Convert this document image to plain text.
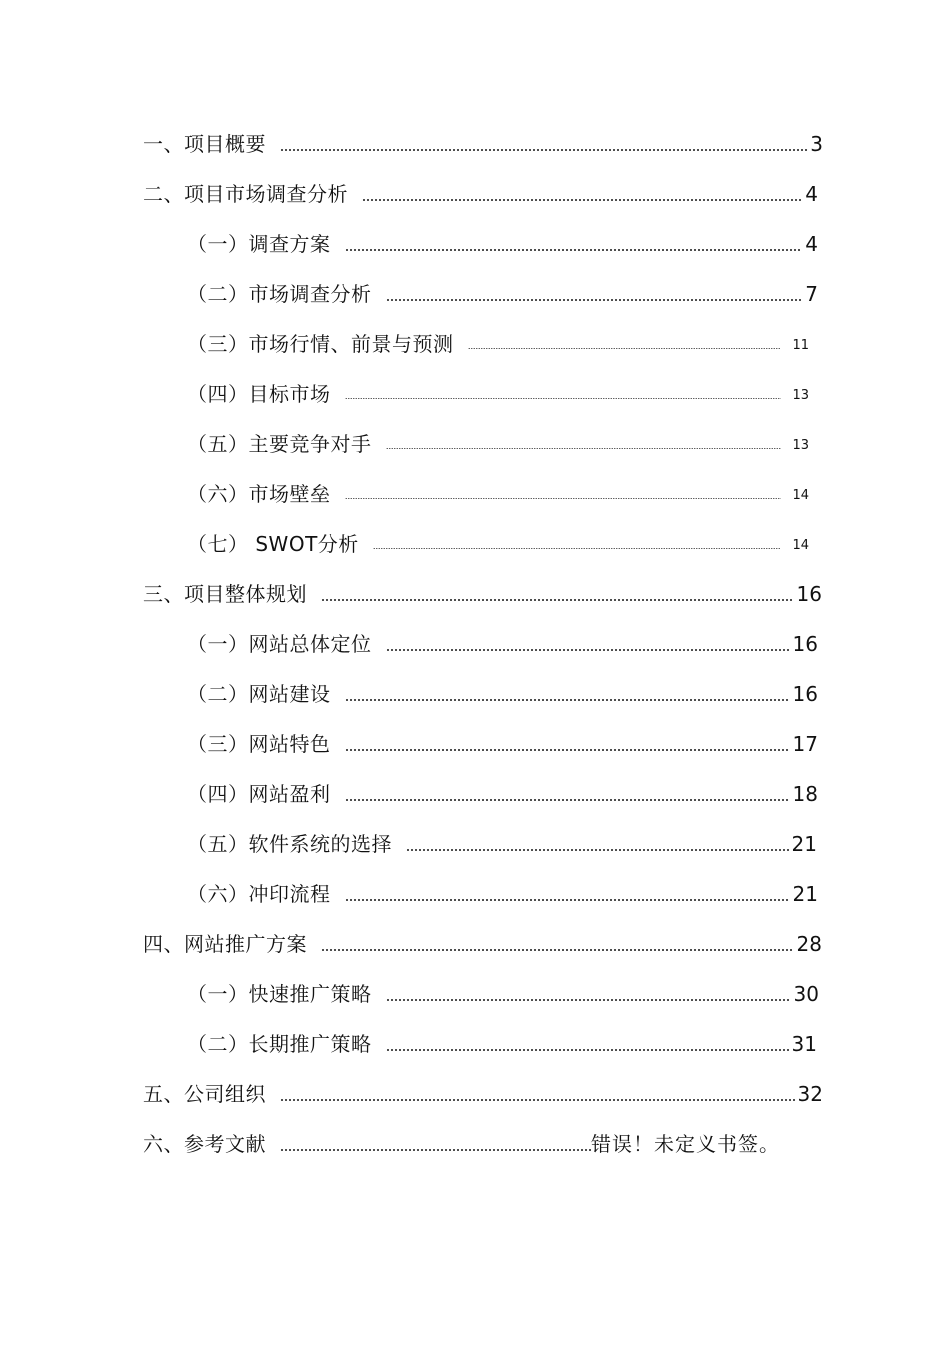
一、项目概要	3
二、项目市场调查分析	4
（一）调查方案	4
（二）市场调查分析	7
（三）市场行情、前景与预测	11
（四）目标市场	13
（五）主要竞争对手	13
（六）市场壁垒	14
（七） SWOT分析	14
三、项目整体规划	16
（一）网站总体定位	16
（二）网站建设	16
（三）网站特色	17
（四）网站盈利	18
（五）软件系统的选择	21
（六）冲印流程	21
四、网站推广方案	28
（一）快速推广策略	30
（二）长期推广策略	31
五、公司组织	32
六、参考文献	错误！未定义书签。
